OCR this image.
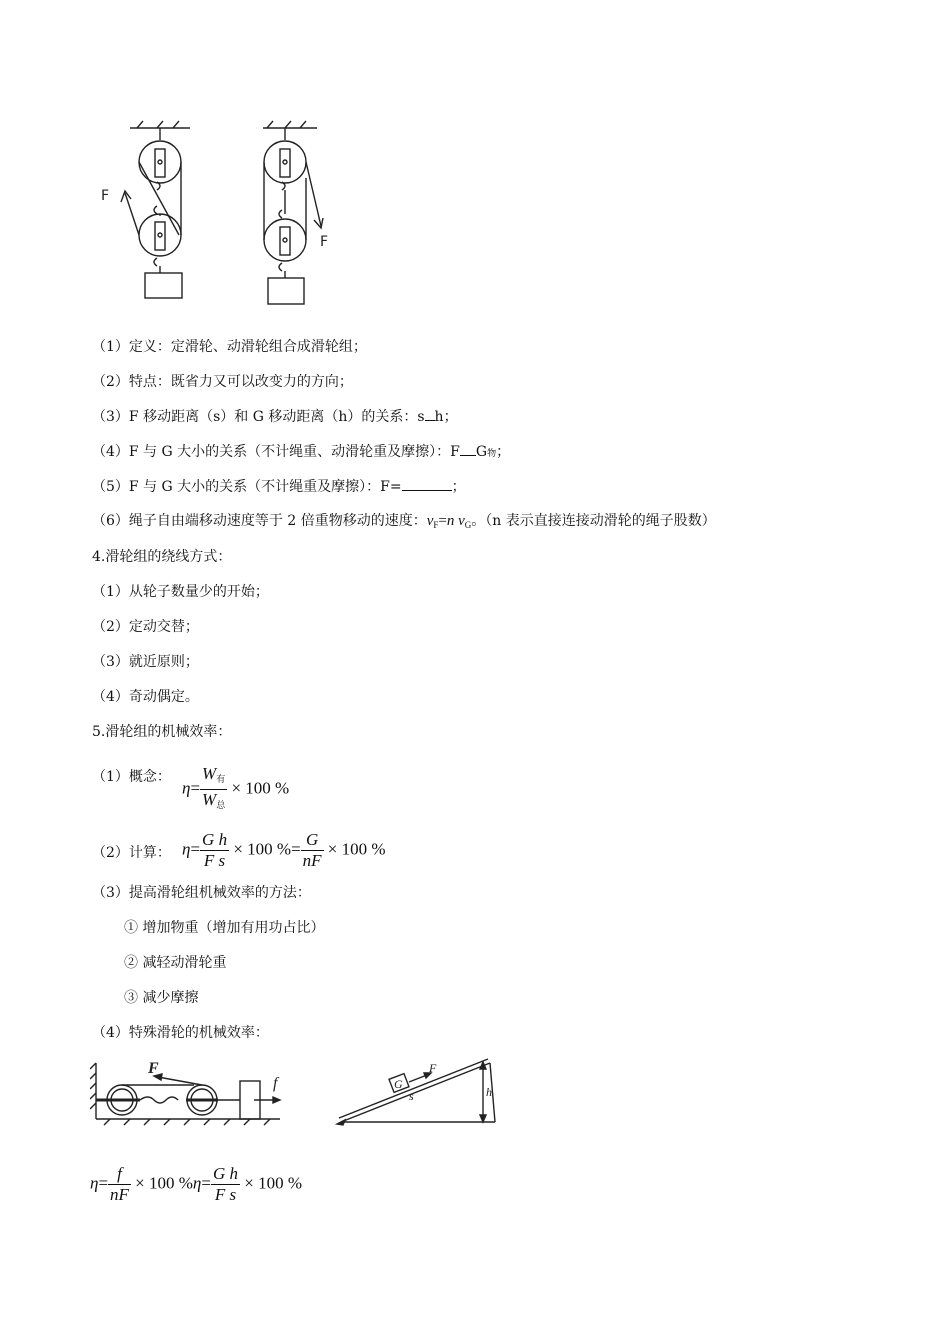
F
F
（1）定义：定滑轮、动滑轮组合成滑轮组；
（2）特点：既省力又可以改变力的方向；
（3）F 移动距离（s）和 G 移动距离（h）的关系：s h；
（4）F 与 G 大小的关系（不计绳重、动滑轮重及摩擦）：F G物；
（5）F 与 G 大小的关系（不计绳重及摩擦）：F=	；
（6）绳子自由端移动速度等于 2 倍重物移动的速度：$v_F=n$ $v_G$。（n 表示直接连接动滑轮的绳子股数）
4.滑轮组的绕线方式：
（1）从轮子数量少的开始；
（2）定动交替；
（3）就近原则；
（4）奇动偶定。
5.滑轮组的机械效率：
（1）概念：
$\eta= \frac{W_有}{W_总} \times 100$ %
（2）计算： $\eta= \frac{\text{G h}}{\text{F s}} \times 100$ %= $\frac{G}{nF} \times 100$ %
（3）提高滑轮组机械效率的方法：
① 增加物重（增加有用功占比）
② 减轻动滑轮重
③ 减少摩擦
（4）特殊滑轮的机械效率：
F
f	G
F
s	h
$\eta= \frac{f}{nF} \times 100$ $\%\eta= \frac{\text{G h}}{\text{F s}} \times 100$ %
